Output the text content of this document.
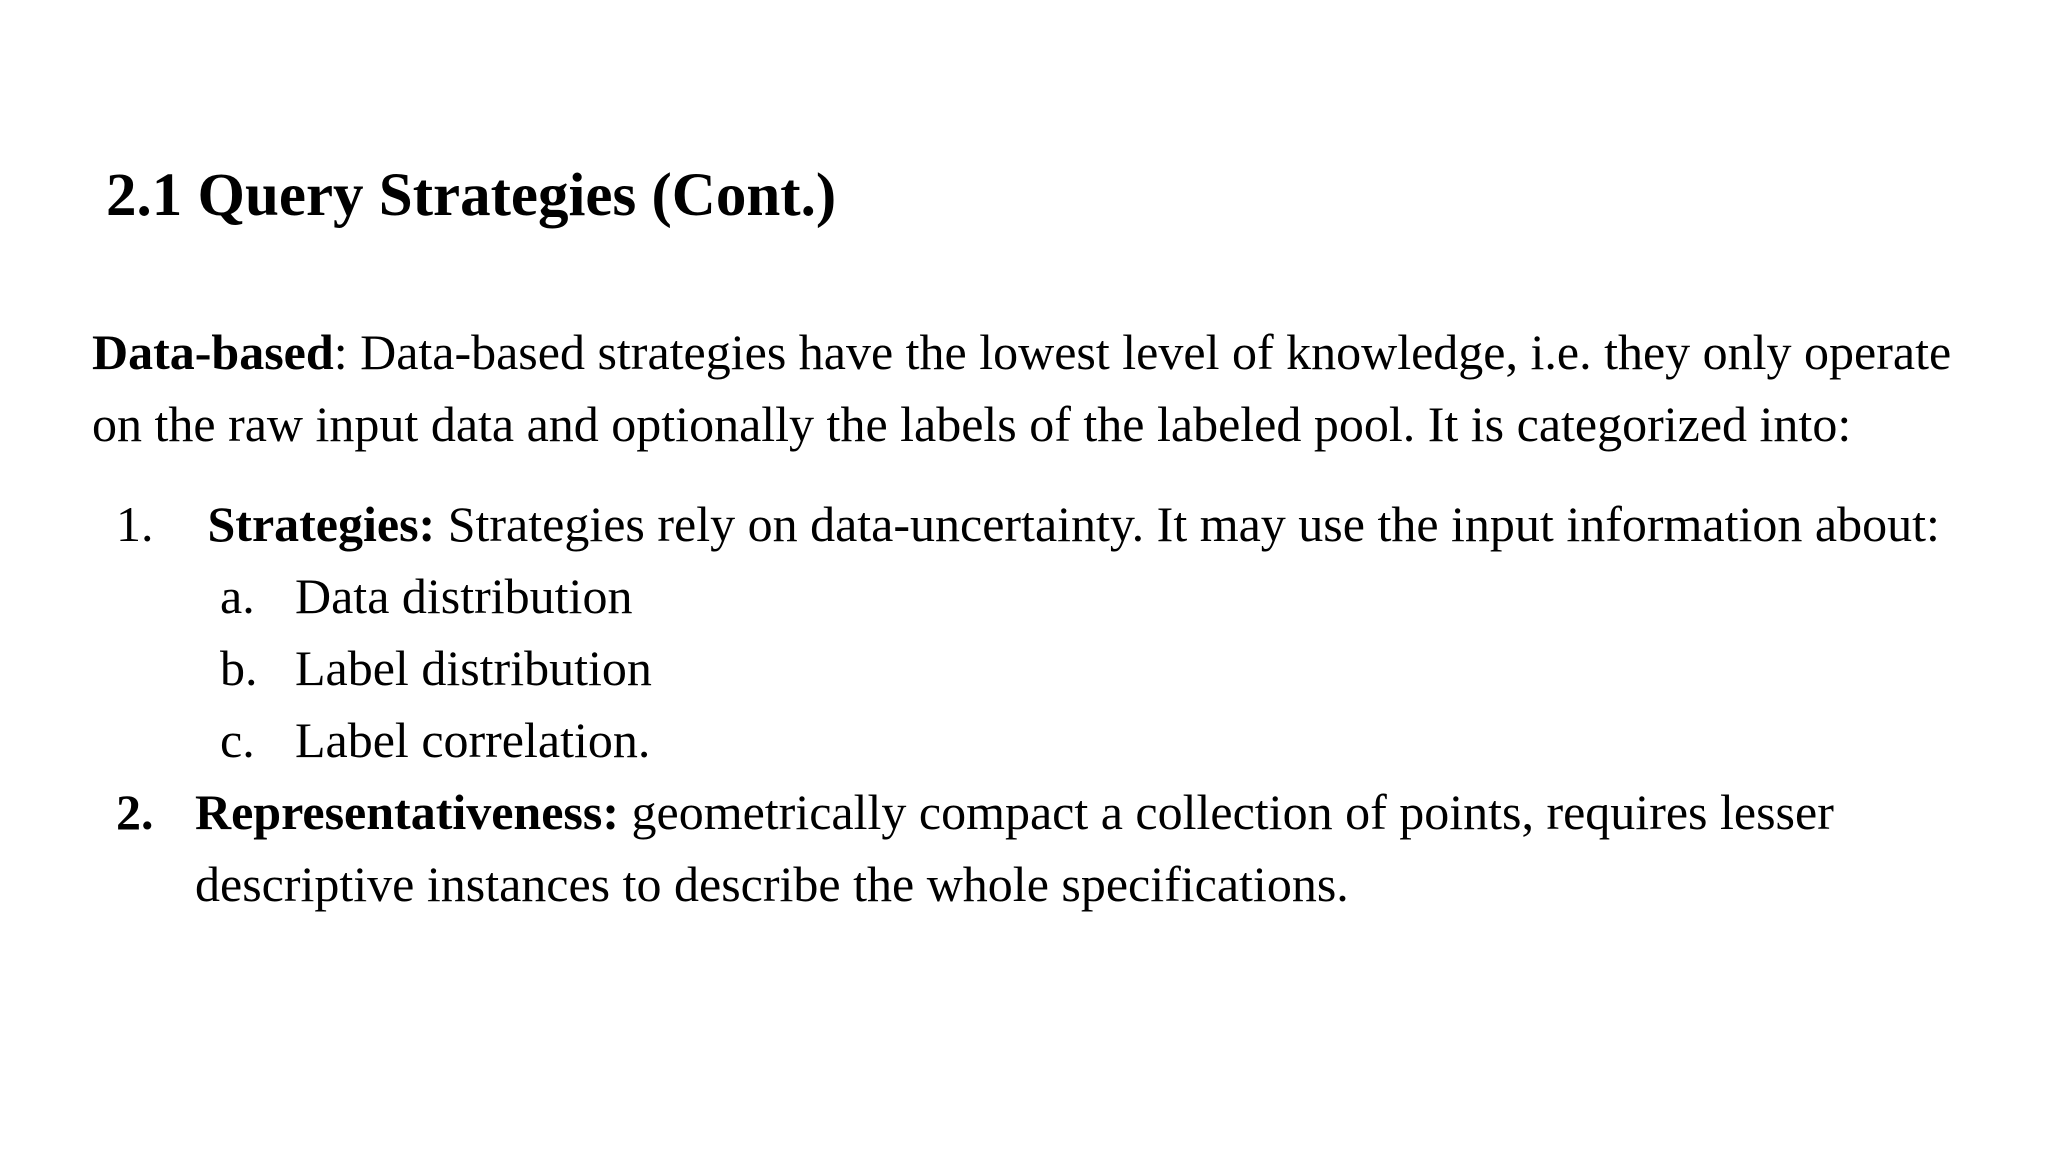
2.1 Query Strategies (Cont.)

Data-based: Data-based strategies have the lowest level of knowledge, i.e. they only operate on the raw input data and optionally the labels of the labeled pool. It is categorized into:

1. Strategies: Strategies rely on data-uncertainty. It may use the input information about:
a. Data distribution
b. Label distribution
c. Label correlation.
2. Representativeness: geometrically compact a collection of points, requires lesser descriptive instances to describe the whole specifications.
